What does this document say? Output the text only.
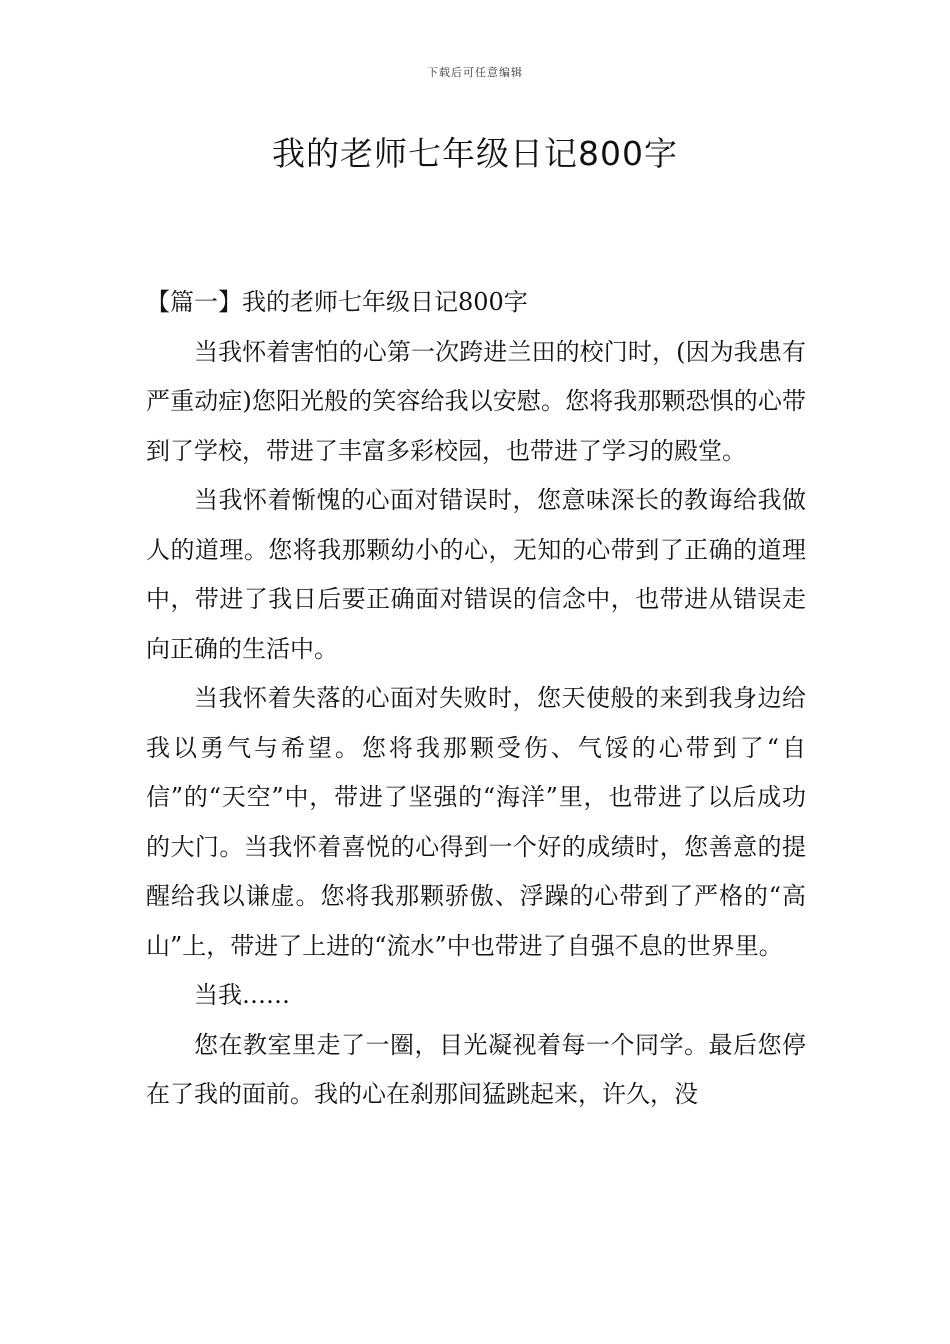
下载后可任意编辑
我的老师七年级日记800字

【篇一】我的老师七年级日记800字

当我怀着害怕的心第一次跨进兰田的校门时，(因为我患有严重动症)您阳光般的笑容给我以安慰。您将我那颗恐惧的心带到了学校，带进了丰富多彩校园，也带进了学习的殿堂。

当我怀着惭愧的心面对错误时，您意味深长的教诲给我做人的道理。您将我那颗幼小的心，无知的心带到了正确的道理中，带进了我日后要正确面对错误的信念中，也带进从错误走向正确的生活中。

当我怀着失落的心面对失败时，您天使般的来到我身边给我以勇气与希望。您将我那颗受伤、气馁的心带到了“自信”的“天空”中，带进了坚强的“海洋”里，也带进了以后成功的大门。当我怀着喜悦的心得到一个好的成绩时，您善意的提醒给我以谦虚。您将我那颗骄傲、浮躁的心带到了严格的“高山”上，带进了上进的“流水”中也带进了自强不息的世界里。

当我……

您在教室里走了一圈，目光凝视着每一个同学。最后您停在了我的面前。我的心在刹那间猛跳起来，许久，没
